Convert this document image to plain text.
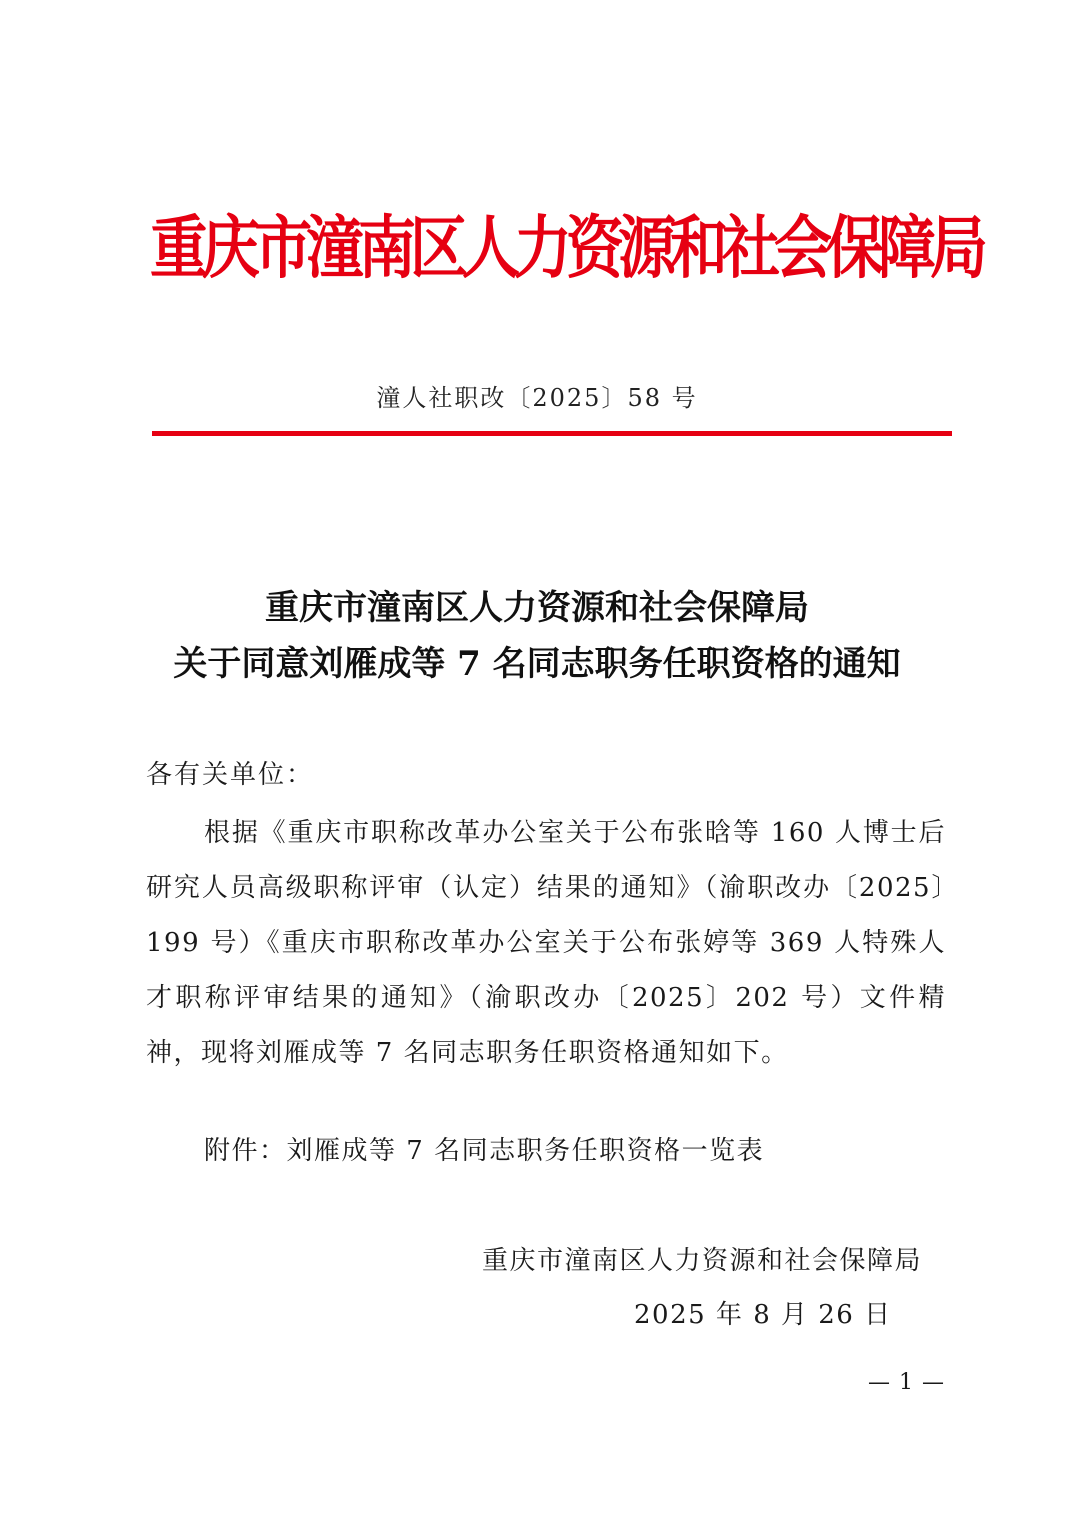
重庆市潼南区人力资源和社会保障局
潼人社职改〔2025〕58 号
重庆市潼南区人力资源和社会保障局
关于同意刘雁成等 7 名同志职务任职资格的通知
各有关单位：
根据《重庆市职称改革办公室关于公布张晗等 160 人博士后研究人员高级职称评审（认定）结果的通知》（渝职改办〔2025〕199 号）《重庆市职称改革办公室关于公布张婷等 369 人特殊人才职称评审结果的通知》（渝职改办〔2025〕202 号）文件精神，现将刘雁成等 7 名同志职务任职资格通知如下。
附件：刘雁成等 7 名同志职务任职资格一览表
重庆市潼南区人力资源和社会保障局
2025 年 8 月 26 日
— 1 —
